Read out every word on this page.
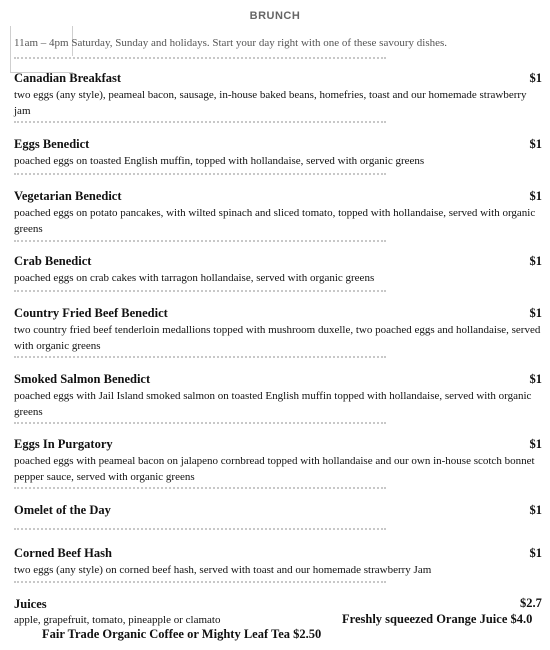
BRUNCH
11am – 4pm Saturday, Sunday and holidays. Start your day right with one of these savoury dishes.
Canadian Breakfast	$1
two eggs (any style), peameal bacon, sausage, in-house baked beans, homefries, toast and our homemade strawberry jam
Eggs Benedict	$1
poached eggs on toasted English muffin, topped with hollandaise, served with organic greens
Vegetarian Benedict	$1
poached eggs on potato pancakes, with wilted spinach and sliced tomato, topped with hollandaise, served with organic greens
Crab Benedict	$1
poached eggs on crab cakes with tarragon hollandaise, served with organic greens
Country Fried Beef Benedict	$1
two country fried beef tenderloin medallions topped with mushroom duxelle, two poached eggs and hollandaise, served with organic greens
Smoked Salmon Benedict	$1
poached eggs with Jail Island smoked salmon on toasted English muffin topped with hollandaise, served with organic greens
Eggs In Purgatory	$1
poached eggs with peameal bacon on jalapeno cornbread topped with hollandaise and our own in-house scotch bonnet pepper sauce, served with organic greens
Omelet of the Day	$1
Corned Beef Hash	$1
two eggs (any style) on corned beef hash, served with toast and our homemade strawberry Jam
Juices	$2.7
apple, grapefruit, tomato, pineapple or clamato	Freshly squeezed Orange Juice $4.0
Fair Trade Organic Coffee or Mighty Leaf Tea $2.50
